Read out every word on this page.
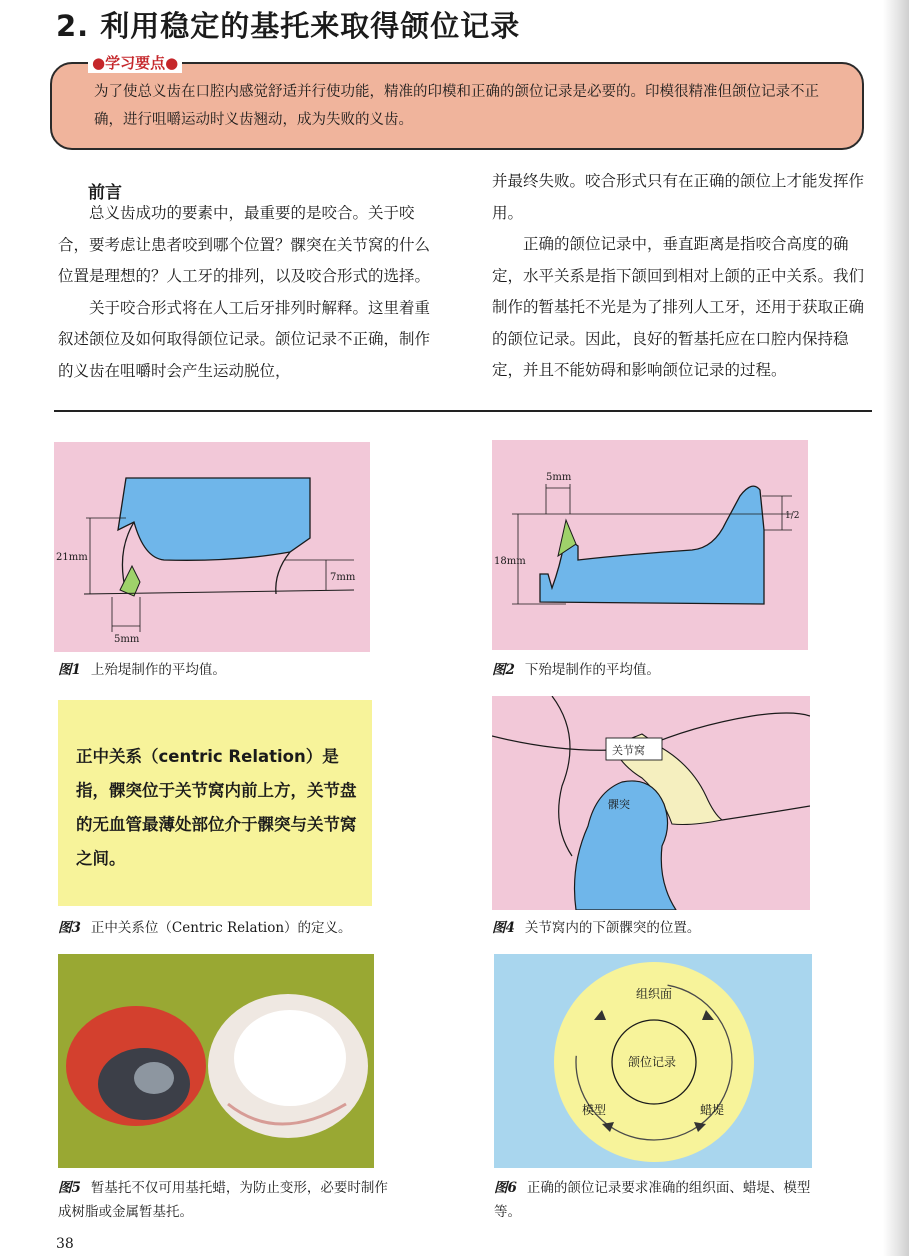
2. 利用稳定的基托来取得颌位记录
●学习要点●
为了使总义齿在口腔内感觉舒适并行使功能，精准的印模和正确的颌位记录是必要的。印模很精准但颌位记录不正确，进行咀嚼运动时义齿翘动，成为失败的义齿。
前言

总义齿成功的要素中，最重要的是咬合。关于咬合，要考虑让患者咬到哪个位置？髁突在关节窝的什么位置是理想的？人工牙的排列，以及咬合形式的选择。

关于咬合形式将在人工后牙排列时解释。这里着重叙述颌位及如何取得颌位记录。颌位记录不正确，制作的义齿在咀嚼时会产生运动脱位，

并最终失败。咬合形式只有在正确的颌位上才能发挥作用。

正确的颌位记录中，垂直距离是指咬合高度的确定，水平关系是指下颌回到相对上颌的正中关系。我们制作的暂基托不光是为了排列人工牙，还用于获取正确的颌位记录。因此，良好的暂基托应在口腔内保持稳定，并且不能妨碍和影响颌位记录的过程。

21mm
7mm
5mm
图1 上殆堤制作的平均值。
5mm
18mm
1/2
图2 下殆堤制作的平均值。
正中关系（centric Relation）是指，髁突位于关节窝内前上方，关节盘的无血管最薄处部位介于髁突与关节窝之间。
图3 正中关系位（Centric Relation）的定义。
关节窝
髁突
图4 关节窝内的下颌髁突的位置。
图5 暂基托不仅可用基托蜡，为防止变形，必要时制作成树脂或金属暂基托。
颌位记录
组织面
模型	蜡堤
图6 正确的颌位记录要求准确的组织面、蜡堤、模型等。
38
